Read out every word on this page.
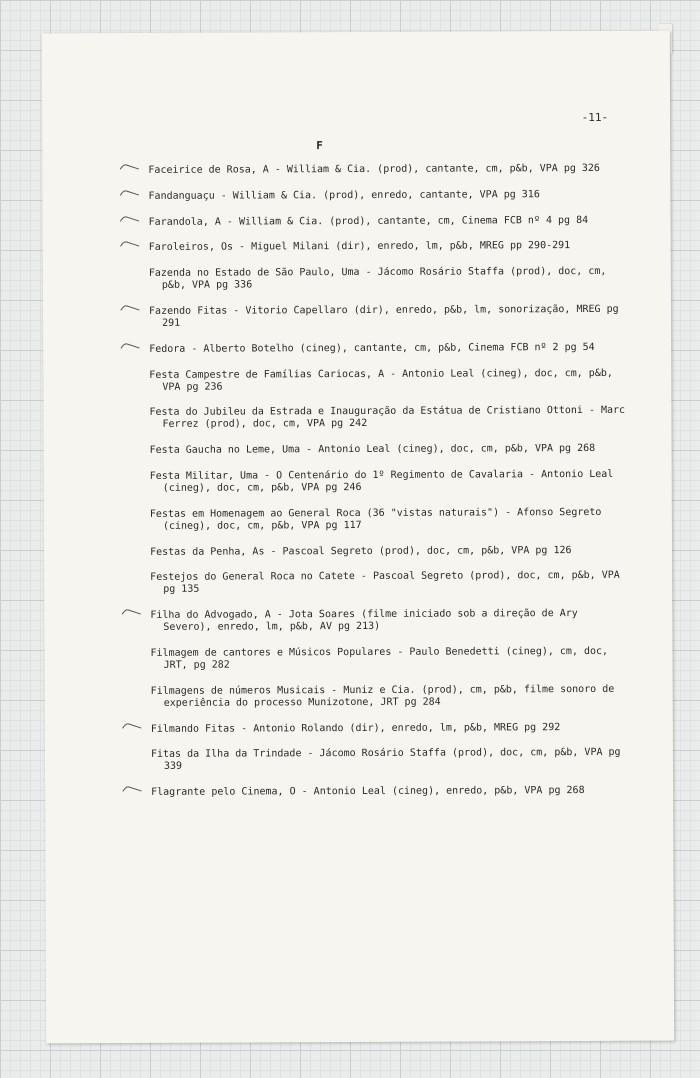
-11-
F
Faceirice de Rosa, A - William & Cia. (prod), cantante, cm, p&b, VPA pg 326
Fandanguaçu - William & Cia. (prod), enredo, cantante, VPA pg 316
Farandola, A - William & Cia. (prod), cantante, cm, Cinema FCB nº 4 pg 84
Faroleiros, Os - Miguel Milani (dir), enredo, lm, p&b, MREG pp 290-291
Fazenda no Estado de São Paulo, Uma - Jácomo Rosário Staffa (prod), doc, cm, p&b, VPA pg 336
Fazendo Fitas - Vitorio Capellaro (dir), enredo, p&b, lm, sonorização, MREG pg 291
Fedora - Alberto Botelho (cineg), cantante, cm, p&b, Cinema FCB nº 2 pg 54
Festa Campestre de Famílias Cariocas, A - Antonio Leal (cineg), doc, cm, p&b, VPA pg 236
Festa do Jubileu da Estrada e Inauguração da Estátua de Cristiano Ottoni - Marc Ferrez (prod), doc, cm, VPA pg 242
Festa Gaucha no Leme, Uma - Antonio Leal (cineg), doc, cm, p&b, VPA pg 268
Festa Militar, Uma - O Centenário do 1º Regimento de Cavalaria - Antonio Leal (cineg), doc, cm, p&b, VPA pg 246
Festas em Homenagem ao General Roca (36 "vistas naturais") - Afonso Segreto (cineg), doc, cm, p&b, VPA pg 117
Festas da Penha, As - Pascoal Segreto (prod), doc, cm, p&b, VPA pg 126
Festejos do General Roca no Catete - Pascoal Segreto (prod), doc, cm, p&b, VPA pg 135
Filha do Advogado, A - Jota Soares (filme iniciado sob a direção de Ary Severo), enredo, lm, p&b, AV pg 213)
Filmagem de cantores e Músicos Populares - Paulo Benedetti (cineg), cm, doc, JRT, pg 282
Filmagens de números Musicais - Muniz e Cia. (prod), cm, p&b, filme sonoro de experiência do processo Munizotone, JRT pg 284
Filmando Fitas - Antonio Rolando (dir), enredo, lm, p&b, MREG pg 292
Fitas da Ilha da Trindade - Jácomo Rosário Staffa (prod), doc, cm, p&b, VPA pg 339
Flagrante pelo Cinema, O - Antonio Leal (cineg), enredo, p&b, VPA pg 268
